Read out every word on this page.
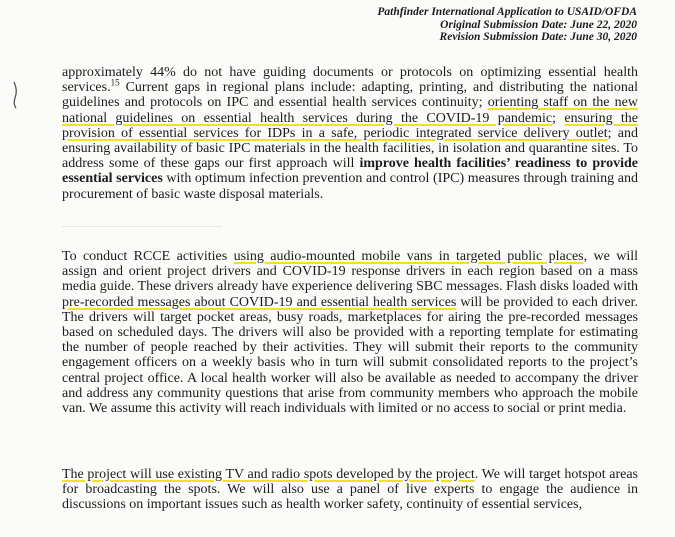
Pathfinder International Application to USAID/OFDA
Original Submission Date: June 22, 2020
Revision Submission Date: June 30, 2020

approximately 44% do not have guiding documents or protocols on optimizing essential health services.$^{15}$ Current gaps in regional plans include: adapting, printing, and distributing the national guidelines and protocols on IPC and essential health services continuity; orienting staff on the new national guidelines on essential health services during the COVID-19 pandemic; ensuring the provision of essential services for IDPs in a safe, periodic integrated service delivery outlet; and ensuring availability of basic IPC materials in the health facilities, in isolation and quarantine sites. To address some of these gaps our first approach will improve health facilities’ readiness to provide essential services with optimum infection prevention and control (IPC) measures through training and procurement of basic waste disposal materials.

To conduct RCCE activities using audio-mounted mobile vans in targeted public places, we will assign and orient project drivers and COVID-19 response drivers in each region based on a mass media guide. These drivers already have experience delivering SBC messages. Flash disks loaded with pre-recorded messages about COVID-19 and essential health services will be provided to each driver. The drivers will target pocket areas, busy roads, marketplaces for airing the pre-recorded messages based on scheduled days. The drivers will also be provided with a reporting template for estimating the number of people reached by their activities. They will submit their reports to the community engagement officers on a weekly basis who in turn will submit consolidated reports to the project’s central project office. A local health worker will also be available as needed to accompany the driver and address any community questions that arise from community members who approach the mobile van. We assume this activity will reach individuals with limited or no access to social or print media.

The project will use existing TV and radio spots developed by the project. We will target hotspot areas for broadcasting the spots. We will also use a panel of live experts to engage the audience in discussions on important issues such as health worker safety, continuity of essential services,
